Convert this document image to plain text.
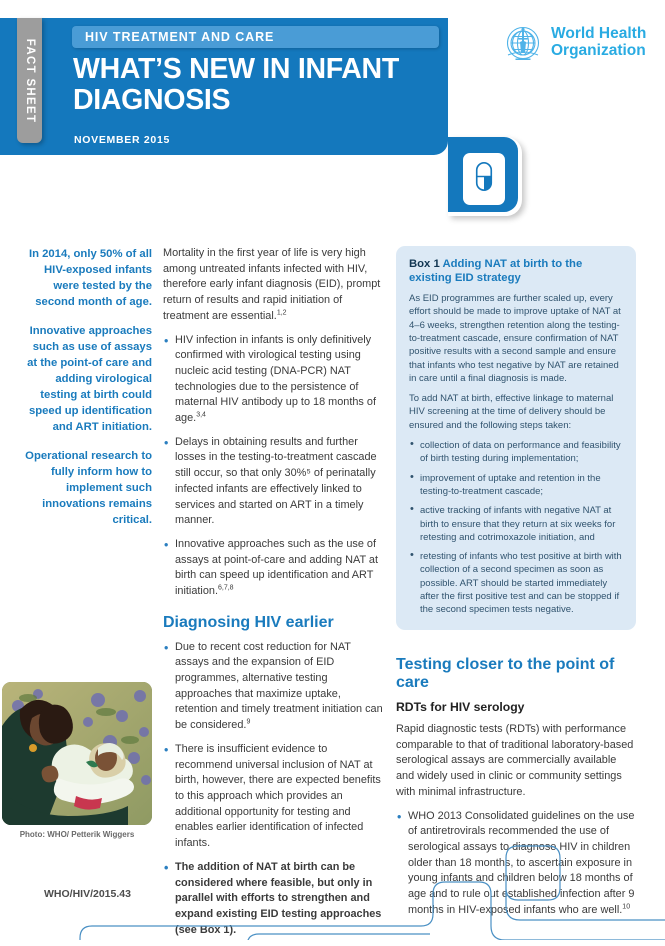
FACT SHEET
HIV TREATMENT AND CARE
WHAT’S NEW IN INFANT DIAGNOSIS
NOVEMBER 2015
World Health
Organization

In 2014, only 50% of all HIV-exposed infants were tested by the second month of age.

Innovative approaches such as use of assays at the point-of care and adding virological testing at birth could speed up identification and ART initiation.

Operational research to fully inform how to implement such innovations remains critical.

Photo: WHO/ Petterik Wiggers
WHO/HIV/2015.43

Mortality in the first year of life is very high among untreated infants infected with HIV, therefore early infant diagnosis (EID), prompt return of results and rapid initiation of treatment are essential.$^{1,2}$

• HIV infection in infants is only definitively confirmed with virological testing using nucleic acid testing (DNA-PCR) NAT technologies due to the persistence of maternal HIV antibody up to 18 months of age.$^{3,4}$
• Delays in obtaining results and further losses in the testing-to-treatment cascade still occur, so that only 30%⁵ of perinatally infected infants are effectively linked to services and started on ART in a timely manner.
• Innovative approaches such as the use of assays at point-of-care and adding NAT at birth can speed up identification and ART initiation.$^{6,7,8}$
Diagnosing HIV earlier
• Due to recent cost reduction for NAT assays and the expansion of EID programmes, alternative testing approaches that maximize uptake, retention and timely treatment initiation can be considered.$^9$
• There is insufficient evidence to recommend universal inclusion of NAT at birth, however, there are expected benefits to this approach which provides an additional opportunity for testing and enables earlier identification of infected infants.
• The addition of NAT at birth can be considered where feasible, but only in parallel with efforts to strengthen and expand existing EID testing approaches (see Box 1).
Box 1 Adding NAT at birth to the existing EID strategy

As EID programmes are further scaled up, every effort should be made to improve uptake of NAT at 4–6 weeks, strengthen retention along the testing-to-treatment cascade, ensure confirmation of NAT positive results with a second sample and ensure that infants who test negative by NAT are retained in care until a final diagnosis is made.

To add NAT at birth, effective linkage to maternal HIV screening at the time of delivery should be ensured and the following steps taken:

• collection of data on performance and feasibility of birth testing during implementation;
• improvement of uptake and retention in the testing-to-treatment cascade;
• active tracking of infants with negative NAT at birth to ensure that they return at six weeks for retesting and cotrimoxazole initiation, and
• retesting of infants who test positive at birth with collection of a second specimen as soon as possible. ART should be started immediately after the first positive test and can be stopped if the second specimen tests negative.
Testing closer to the point of care
RDTs for HIV serology

Rapid diagnostic tests (RDTs) with performance comparable to that of traditional laboratory-based serological assays are commercially available and widely used in clinic or community settings with minimal infrastructure.

• WHO 2013 Consolidated guidelines on the use of antiretrovirals recommended the use of serological assays to diagnose HIV in children older than 18 months, to ascertain exposure in young infants and children below 18 months of age and to rule out established infection after 9 months in HIV-exposed infants who are well.$^{10}$
